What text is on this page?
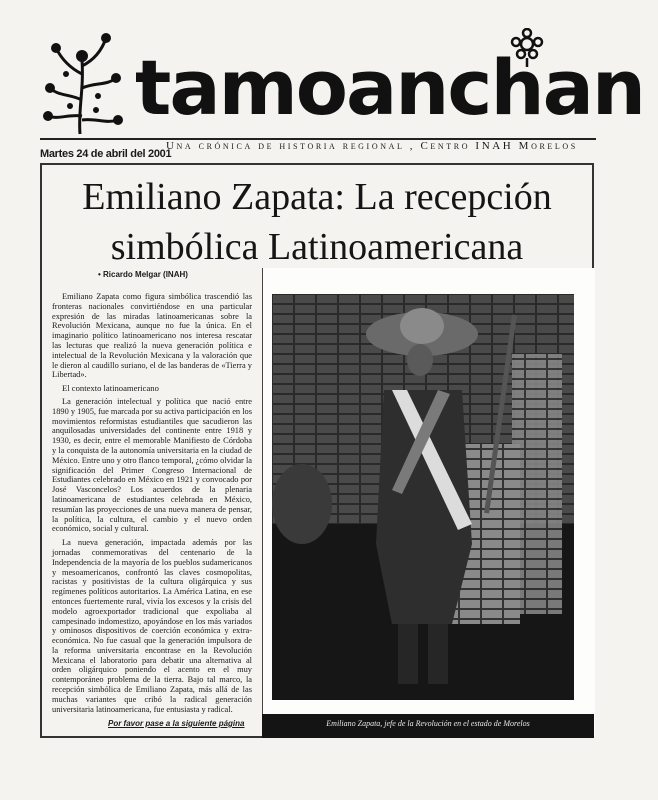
tamoanchan
Martes 24 de abril del 2001
Una crónica de historia regional , Centro INAH Morelos
Emiliano Zapata: La recepción
simbólica Latinoamericana
• Ricardo Melgar (INAH)

Emiliano Zapata como figura simbólica trascendió las fronteras nacionales convirtiéndose en una particular expresión de las miradas latinoamericanas sobre la Revolución Mexicana, aunque no fue la única. En el imaginario político latinoamericano nos interesa rescatar las lecturas que realizó la nueva generación política e intelectual de la Revolución Mexicana y la valoración que le dieron al caudillo suriano, el de las banderas de «Tierra y Libertad».

El contexto latinoamericano

La generación intelectual y política que nació entre 1890 y 1905, fue marcada por su activa participación en los movimientos reformistas estudiantiles que sacudieron las anquilosadas universidades del continente entre 1918 y 1930, es decir, entre el memorable Manifiesto de Córdoba y la conquista de la autonomía universitaria en la ciudad de México. Entre uno y otro flanco temporal, ¿cómo olvidar la significación del Primer Congreso Internacional de Estudiantes celebrado en México en 1921 y convocado por José Vasconcelos? Los acuerdos de la plenaria latinoamericana de estudiantes celebrada en México, resumían las proyecciones de una nueva manera de pensar, la política, la cultura, el cambio y el nuevo orden económico, social y cultural.

La nueva generación, impactada además por las jornadas conmemorativas del centenario de la Independencia de la mayoría de los pueblos sudamericanos y mesoamericanos, confrontó las claves cosmopolitas, racistas y positivistas de la cultura oligárquica y sus regímenes políticos autoritarios. La América Latina, en ese entonces fuertemente rural, vivía los excesos y la crisis del modelo agroexportador tradicional que expoliaba al campesinado indomestizo, apoyándose en los más variados y ominosos dispositivos de coerción económica y extra-económica. No fue casual que la generación impulsora de la reforma universitaria encontrase en la Revolución Mexicana el laboratorio para debatir una alternativa al orden oligárquico poniendo el acento en el muy contemporáneo problema de la tierra. Bajo tal marco, la recepción simbólica de Emiliano Zapata, más allá de las muchas variantes que cribó la radical generación universitaria latinoamericana, fue entusiasta y radical.

Por favor pase a la siguiente página	Emiliano Zapata, jefe de la Revolución en el estado de Morelos
